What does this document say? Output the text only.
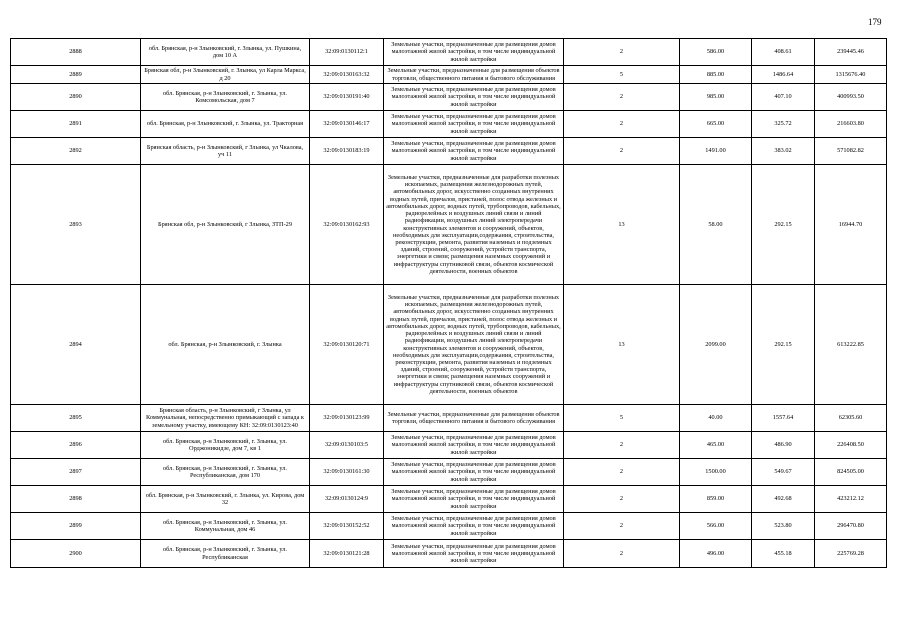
179
2888	обл. Брянская, р-н Злынковский, г. Злынка, ул. Пушкина, дом 10 А	32:09:0130112:1	Земельные участки, предназначенные для размещения домов малоэтажной жилой застройки, в том числе индивидуальной жилой застройки	2	586.00	408.61	239445.46
2889	Брянская обл, р-н Злынковский, г. Злынка, ул Карла Маркса, д 20	32:09:0130163:32	Земельные участки, предназначенные для размещения объектов торговли, общественного питания и бытового обслуживания	5	885.00	1486.64	1315676.40
2890	обл. Брянская, р-н Злынковский, г. Злынка, ул. Комсомольская, дом 7	32:09:0130191:40	Земельные участки, предназначенные для размещения домов малоэтажной жилой застройки, в том числе индивидуальной жилой застройки	2	985.00	407.10	400993.50
2891	обл. Брянская, р-н Злынковский, г. Злынка, ул. Тракторная	32:09:0130146:17	Земельные участки, предназначенные для размещения домов малоэтажной жилой застройки, в том числе индивидуальной жилой застройки	2	665.00	325.72	216603.80
2892	Брянская область, р-н Злынковский, г Злынка, ул Чкалова, уч 11	32:09:0130183:19	Земельные участки, предназначенные для размещения домов малоэтажной жилой застройки, в том числе индивидуальной жилой застройки	2	1491.00	383.02	571082.82
2893	Брянская обл, р-н Злынковский, г Злынка, ЗТП-29	32:09:0130162:93	Земельные участки, предназначенные для разработки полезных ископаемых, размещения железнодорожных путей, автомобильных дорог, искусственно созданных внутренних водных путей, причалов, пристаней, полос отвода железных и автомобильных дорог, водных путей, трубопроводов, кабельных, радиорелейных и воздушных линий связи и линий радиофикации, воздушных линий электропередачи конструктивных элементов и сооружений, объектов, необходимых для эксплуатации,содержания, строительства, реконструкции, ремонта, развития наземных и подземных зданий, строений, сооружений, устройств транспорта, энергетики и связи; размещения наземных сооружений и инфраструктуры спутниковой связи, объектов космической деятельности, военных объектов	13	58.00	292.15	16944.70
2894	обл. Брянская, р-н Злынковский, г. Злынка	32:09:0130120:71	Земельные участки, предназначенные для разработки полезных ископаемых, размещения железнодорожных путей, автомобильных дорог, искусственно созданных внутренних водных путей, причалов, пристаней, полос отвода железных и автомобильных дорог, водных путей, трубопроводов, кабельных, радиорелейных и воздушных линий связи и линий радиофикации, воздушных линий электропередачи конструктивных элементов и сооружений, объектов, необходимых для эксплуатации,содержания, строительства, реконструкции, ремонта, развития наземных и подземных зданий, строений, сооружений, устройств транспорта, энергетики и связи; размещения наземных сооружений и инфраструктуры спутниковой связи, объектов космической деятельности, военных объектов	13	2099.00	292.15	613222.85
2895	Брянская область, р-н Злынковский, г Злынка, ул Коммунальная, непосредственно примыкающий с запада к земельному участку, имеющему КН: 32:09:0130123:40	32:09:0130123:99	Земельные участки, предназначенные для размещения объектов торговли, общественного питания и бытового обслуживания	5	40.00	1557.64	62305.60
2896	обл. Брянская, р-н Злынковский, г. Злынка, ул. Орджоникидзе, дом 7, кв 1	32:09:0130103:5	Земельные участки, предназначенные для размещения домов малоэтажной жилой застройки, в том числе индивидуальной жилой застройки	2	465.00	486.90	226408.50
2897	обл. Брянская, р-н Злынковский, г. Злынка, ул. Республиканская, дом 170	32:09:0130161:30	Земельные участки, предназначенные для размещения домов малоэтажной жилой застройки, в том числе индивидуальной жилой застройки	2	1500.00	549.67	824505.00
2898	обл. Брянская, р-н Злынковский, г. Злынка, ул. Кирова, дом 32	32:09:0130124:9	Земельные участки, предназначенные для размещения домов малоэтажной жилой застройки, в том числе индивидуальной жилой застройки	2	859.00	492.68	423212.12
2899	обл. Брянская, р-н Злынковский, г. Злынка, ул. Коммунальная, дом 46	32:09:0130152:52	Земельные участки, предназначенные для размещения домов малоэтажной жилой застройки, в том числе индивидуальной жилой застройки	2	566.00	523.80	296470.80
2900	обл. Брянская, р-н Злынковский, г. Злынка, ул. Республиканская	32:09:0130121:28	Земельные участки, предназначенные для размещения домов малоэтажной жилой застройки, в том числе индивидуальной жилой застройки	2	496.00	455.18	225769.28
